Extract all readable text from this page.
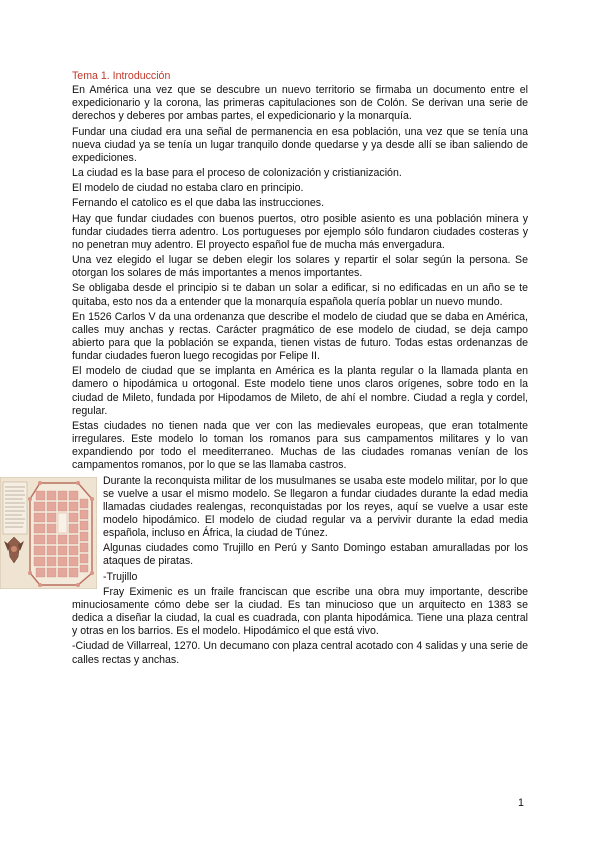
Tema 1. Introducción

En América una vez que se descubre un nuevo territorio se firmaba un documento entre el expedicionario y la corona, las primeras capitulaciones son de Colón. Se derivan una serie de derechos y deberes por ambas partes, el expedicionario y la monarquía.

Fundar una ciudad era una señal de permanencia en esa población, una vez que se tenía una nueva ciudad ya se tenía un lugar tranquilo donde quedarse y ya desde allí se iban saliendo de expediciones.

La ciudad es la base para el proceso de colonización y cristianización.

El modelo de ciudad no estaba claro en principio.

Fernando el catolico es el que daba las instrucciones.

Hay que fundar ciudades con buenos puertos, otro posible asiento es una población minera y fundar ciudades tierra adentro. Los portugueses por ejemplo sólo fundaron ciudades costeras y no penetran muy adentro. El proyecto español fue de mucha más envergadura.

Una vez elegido el lugar se deben elegir los solares y repartir el solar según la persona. Se otorgan los solares de más importantes a menos importantes.

Se obligaba desde el principio si te daban un solar a edificar, si no edificadas en un año se te quitaba, esto nos da a entender que la monarquía española quería poblar un nuevo mundo.

En 1526 Carlos V da una ordenanza que describe el modelo de ciudad que se daba en América, calles muy anchas y rectas. Carácter pragmático de ese modelo de ciudad, se deja campo abierto para que la población se expanda, tienen vistas de futuro. Todas estas ordenanzas de fundar ciudades fueron luego recogidas por Felipe II.

El modelo de ciudad que se implanta en América es la planta regular o la llamada planta en damero o hipodámica u ortogonal. Este modelo tiene unos claros orígenes, sobre todo en la ciudad de Mileto, fundada por Hipodamos de Mileto, de ahí el nombre. Ciudad a regla y cordel, regular.

Estas ciudades no tienen nada que ver con las medievales europeas, que eran totalmente irregulares. Este modelo lo toman los romanos para sus campamentos militares y lo van expandiendo por todo el meediterraneo. Muchas de las ciudades romanas venían de los campamentos romanos, por lo que se las llamaba castros.

Durante la reconquista militar de los musulmanes se usaba este modelo militar, por lo que se vuelve a usar el mismo modelo. Se llegaron a fundar ciudades durante la edad media llamadas ciudades realengas, reconquistadas por los reyes, aquí se vuelve a usar este modelo hipodámico. El modelo de ciudad regular va a pervivir durante la edad media española, incluso en África, la ciudad de Túnez.

Algunas ciudades como Trujillo en Perú y Santo Domingo estaban amuralladas por los ataques de piratas.

-Trujillo

Fray Eximenic es un fraile franciscan que escribe una obra muy importante, describe minuciosamente cómo debe ser la ciudad. Es tan minucioso que un arquitecto en 1383 se dedica a diseñar la ciudad, la cual es cuadrada, con planta hipodámica. Tiene una plaza central y otras en los barrios. Es el modelo. Hipodámico el que está vivo.

-Ciudad de Villarreal, 1270. Un decumano con plaza central acotado con 4 salidas y una serie de calles rectas y anchas.

1
